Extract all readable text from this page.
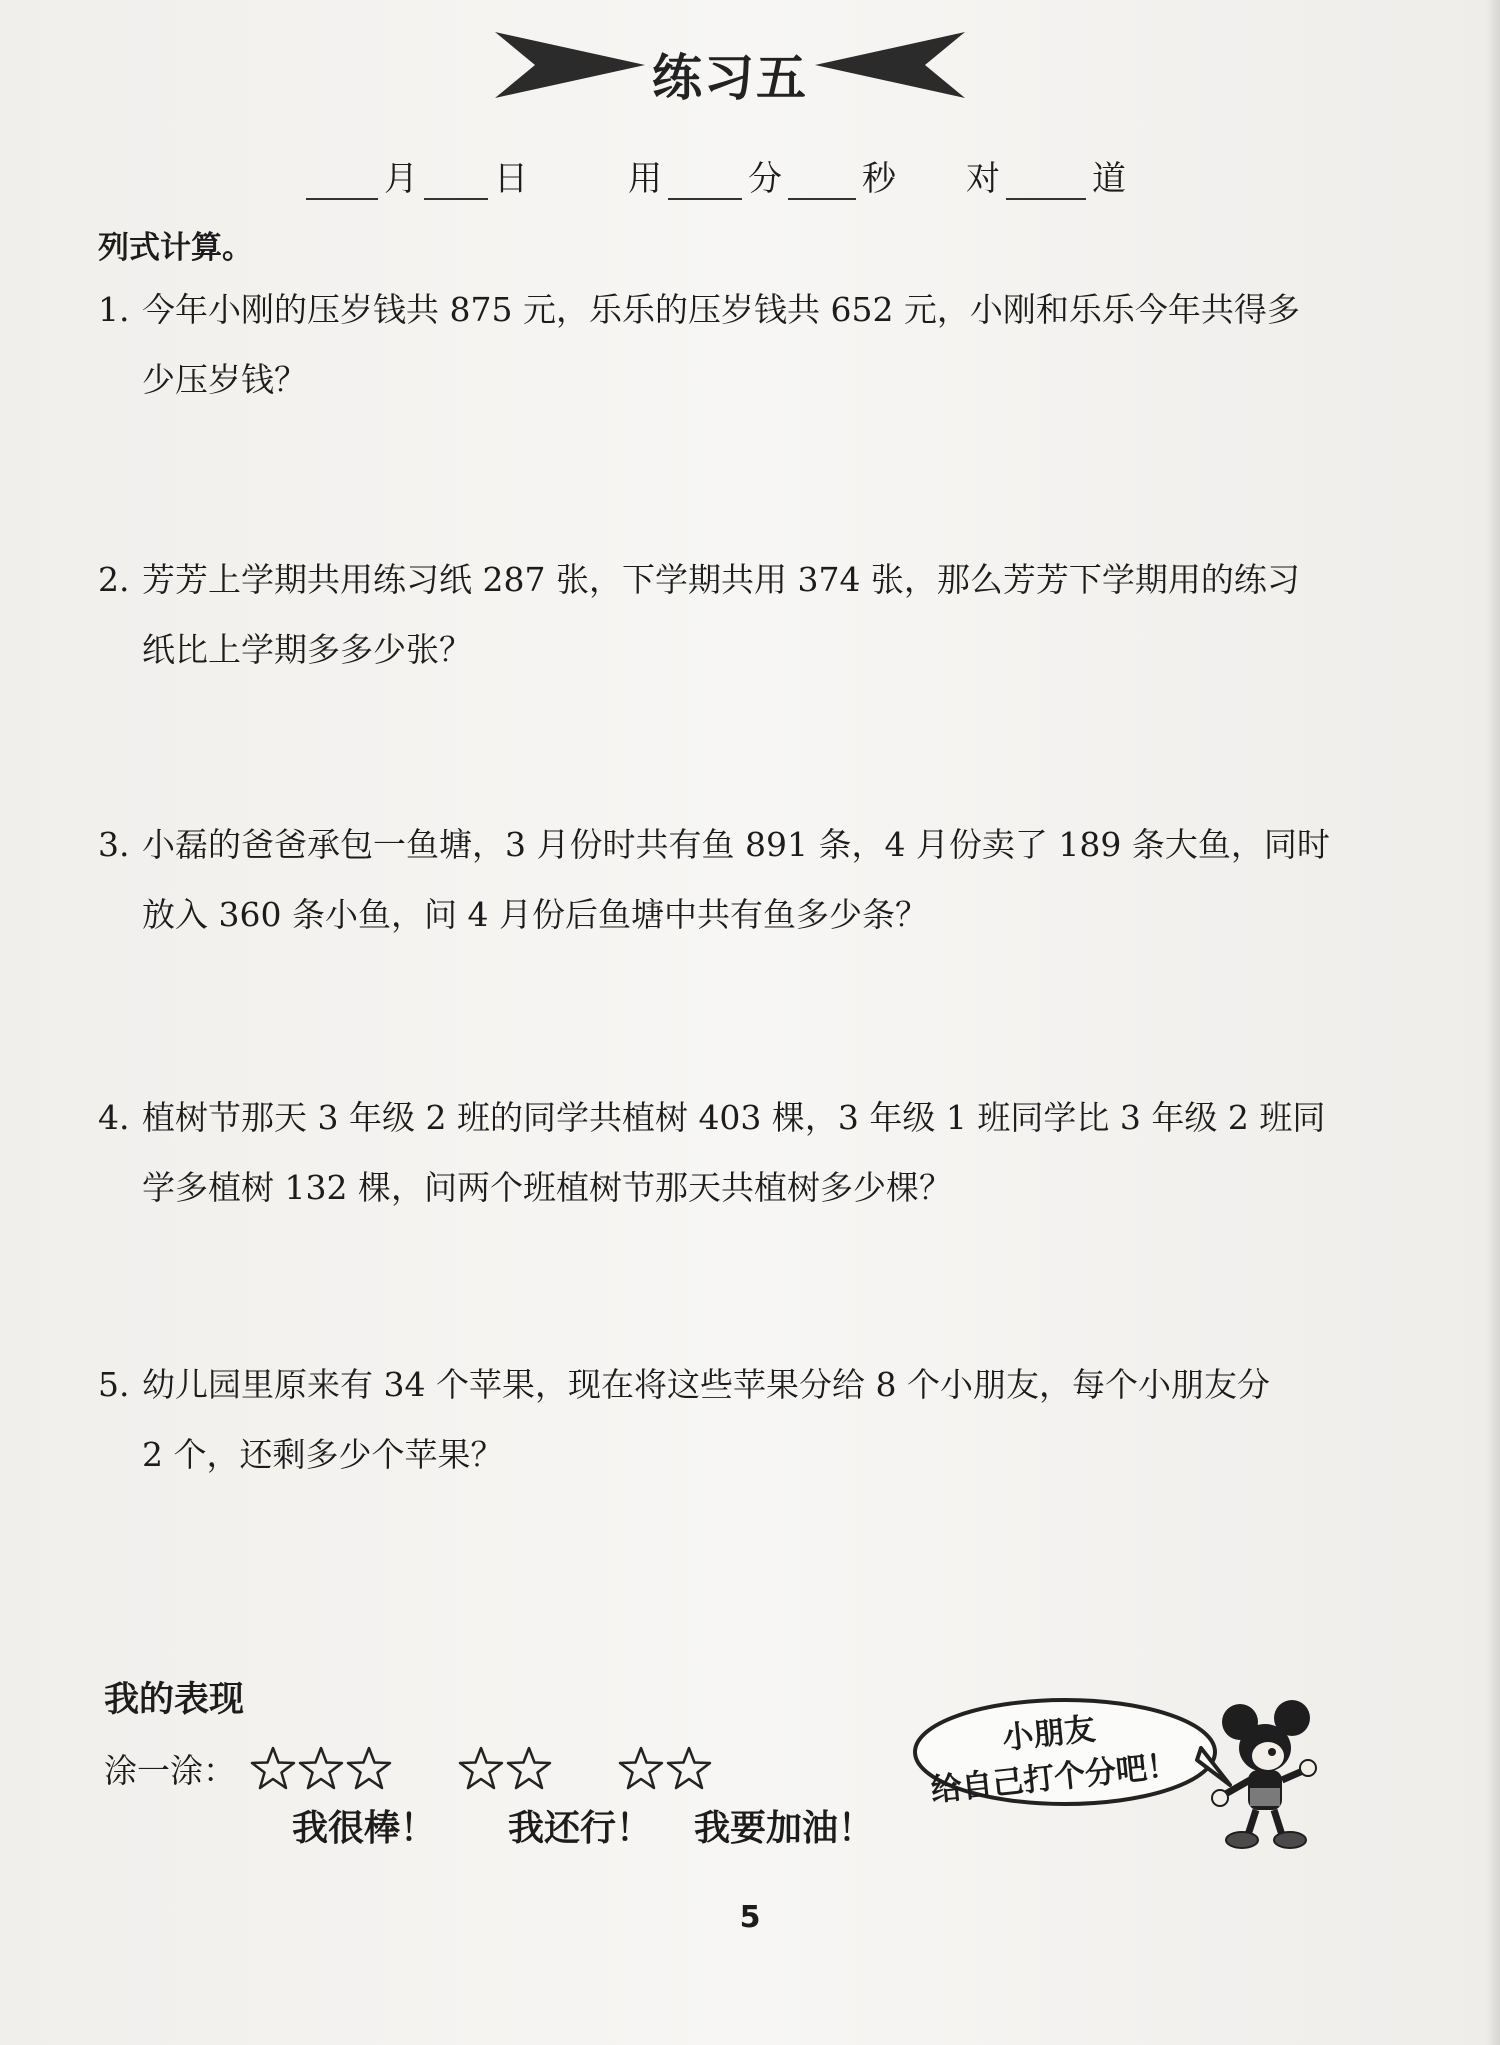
练习五
月 日	用	分 秒 对	道
列式计算。
1. 今年小刚的压岁钱共 875 元，乐乐的压岁钱共 652 元，小刚和乐乐今年共得多
少压岁钱？
2. 芳芳上学期共用练习纸 287 张，下学期共用 374 张，那么芳芳下学期用的练习
纸比上学期多多少张？
3. 小磊的爸爸承包一鱼塘，3 月份时共有鱼 891 条，4 月份卖了 189 条大鱼，同时
放入 360 条小鱼，问 4 月份后鱼塘中共有鱼多少条？
4. 植树节那天 3 年级 2 班的同学共植树 403 棵，3 年级 1 班同学比 3 年级 2 班同
学多植树 132 棵，问两个班植树节那天共植树多少棵？
5. 幼儿园里原来有 34 个苹果，现在将这些苹果分给 8 个小朋友，每个小朋友分
2 个，还剩多少个苹果？
我的表现
涂一涂：
我很棒！ 我还行！ 我要加油！
小朋友
给自己打个分吧！
5
